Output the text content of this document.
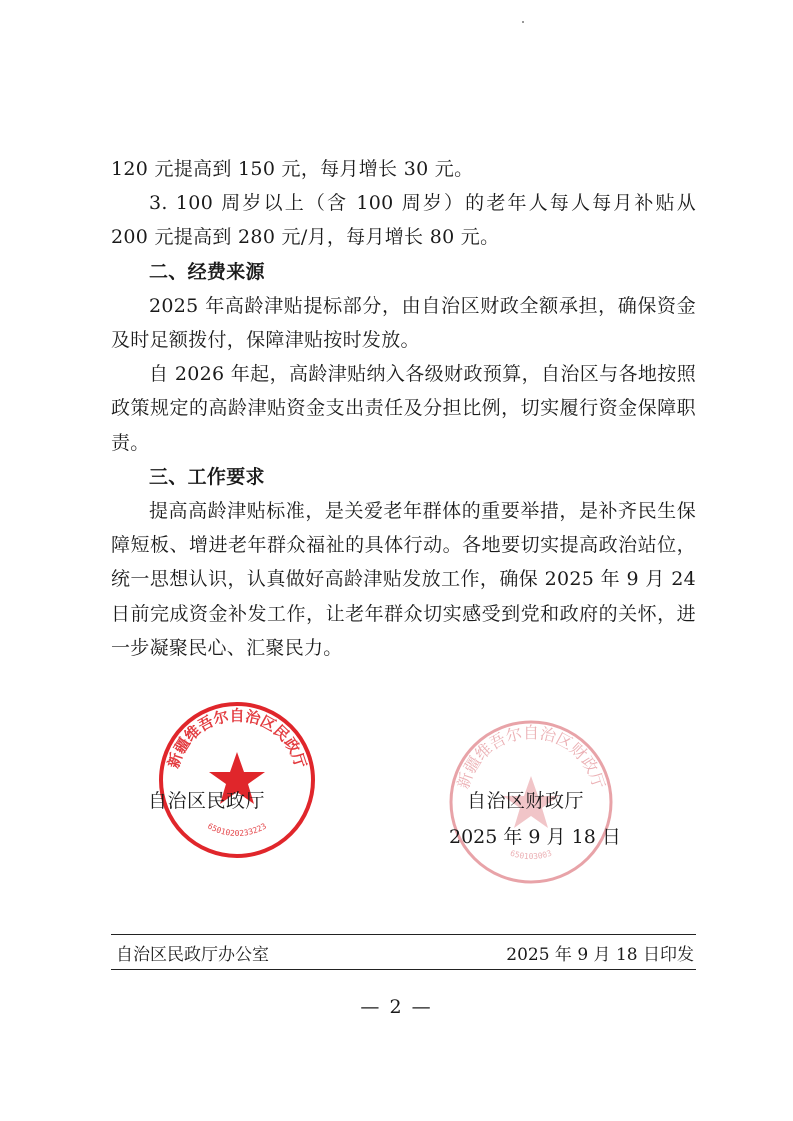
120 元提高到 150 元，每月增长 30 元。

3. 100 周岁以上（含 100 周岁）的老年人每人每月补贴从 200 元提高到 280 元/月，每月增长 80 元。

二、经费来源

2025 年高龄津贴提标部分，由自治区财政全额承担，确保资金及时足额拨付，保障津贴按时发放。

自 2026 年起，高龄津贴纳入各级财政预算，自治区与各地按照政策规定的高龄津贴资金支出责任及分担比例，切实履行资金保障职责。

三、工作要求

提高高龄津贴标准，是关爱老年群体的重要举措，是补齐民生保障短板、增进老年群众福祉的具体行动。各地要切实提高政治站位，统一思想认识，认真做好高龄津贴发放工作，确保 2025 年 9 月 24 日前完成资金补发工作，让老年群众切实感受到党和政府的关怀，进一步凝聚民心、汇聚民力。

新疆维吾尔自治区民政厅
6501020233223
新疆维吾尔自治区财政厅
650103003
自治区民政厅	自治区财政厅
2025 年 9 月 18 日
自治区民政厅办公室	2025 年 9 月 18 日印发
— 2 —
